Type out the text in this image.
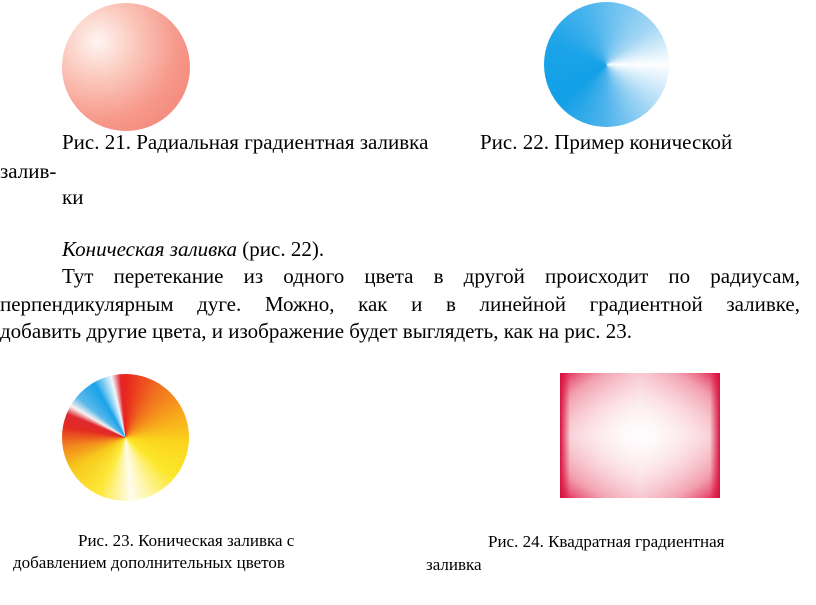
Рис. 21. Радиальная градиентная заливка	Рис. 22. Пример конической
залив-
ки
Коническая заливка (рис. 22).
Тут перетекание из одного цвета в другой происходит по радиусам,
перпендикулярным дуге. Можно, как и в линейной градиентной заливке,
добавить другие цвета, и изображение будет выглядеть, как на рис. 23.
Рис. 23. Коническая заливка с
добавлением дополнительных цветов
Рис. 24. Квадратная градиентная
заливка
